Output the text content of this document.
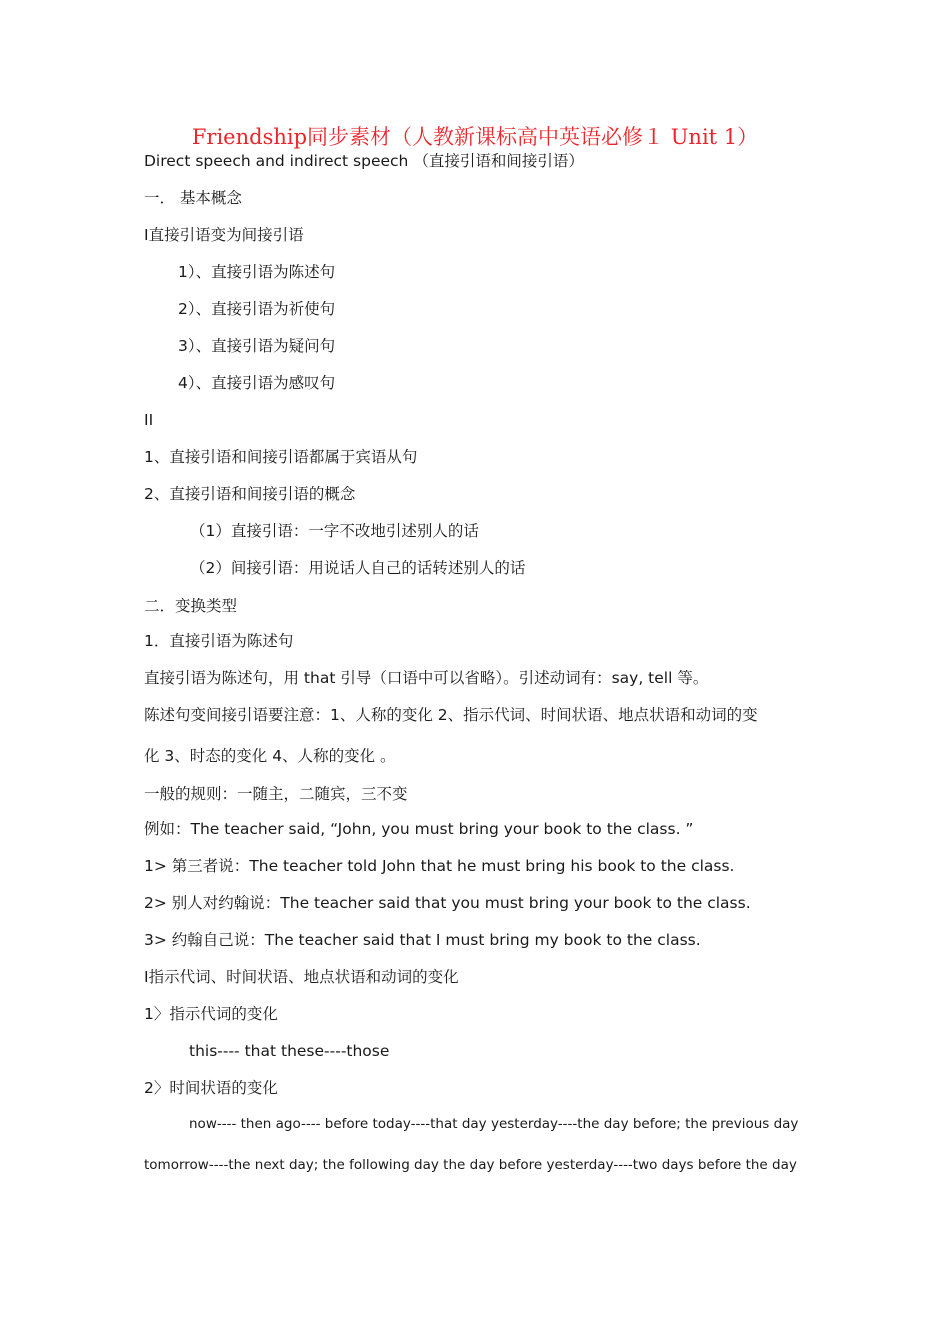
Friendship同步素材（人教新课标高中英语必修１ Unit 1）
Direct speech and indirect speech （直接引语和间接引语）
一． 基本概念
I直接引语变为间接引语
1）、直接引语为陈述句
2）、直接引语为祈使句
3）、直接引语为疑问句
4）、直接引语为感叹句
II
1、直接引语和间接引语都属于宾语从句
2、直接引语和间接引语的概念
（1）直接引语：一字不改地引述别人的话
（2）间接引语：用说话人自己的话转述别人的话
二．变换类型
1．直接引语为陈述句
直接引语为陈述句，用 that 引导（口语中可以省略）。引述动词有：say, tell 等。
陈述句变间接引语要注意：1、人称的变化 2、指示代词、时间状语、地点状语和动词的变
化 3、时态的变化 4、人称的变化 。
一般的规则：一随主，二随宾，三不变
例如：The teacher said, “John, you must bring your book to the class. ”
1> 第三者说：The teacher told John that he must bring his book to the class.
2> 别人对约翰说：The teacher said that you must bring your book to the class.
3> 约翰自己说：The teacher said that I must bring my book to the class.
I指示代词、时间状语、地点状语和动词的变化
1〉指示代词的变化
this---- that these----those
2〉时间状语的变化
now---- then ago---- before today----that day yesterday----the day before; the previous day
tomorrow----the next day; the following day the day before yesterday----two days before the day
